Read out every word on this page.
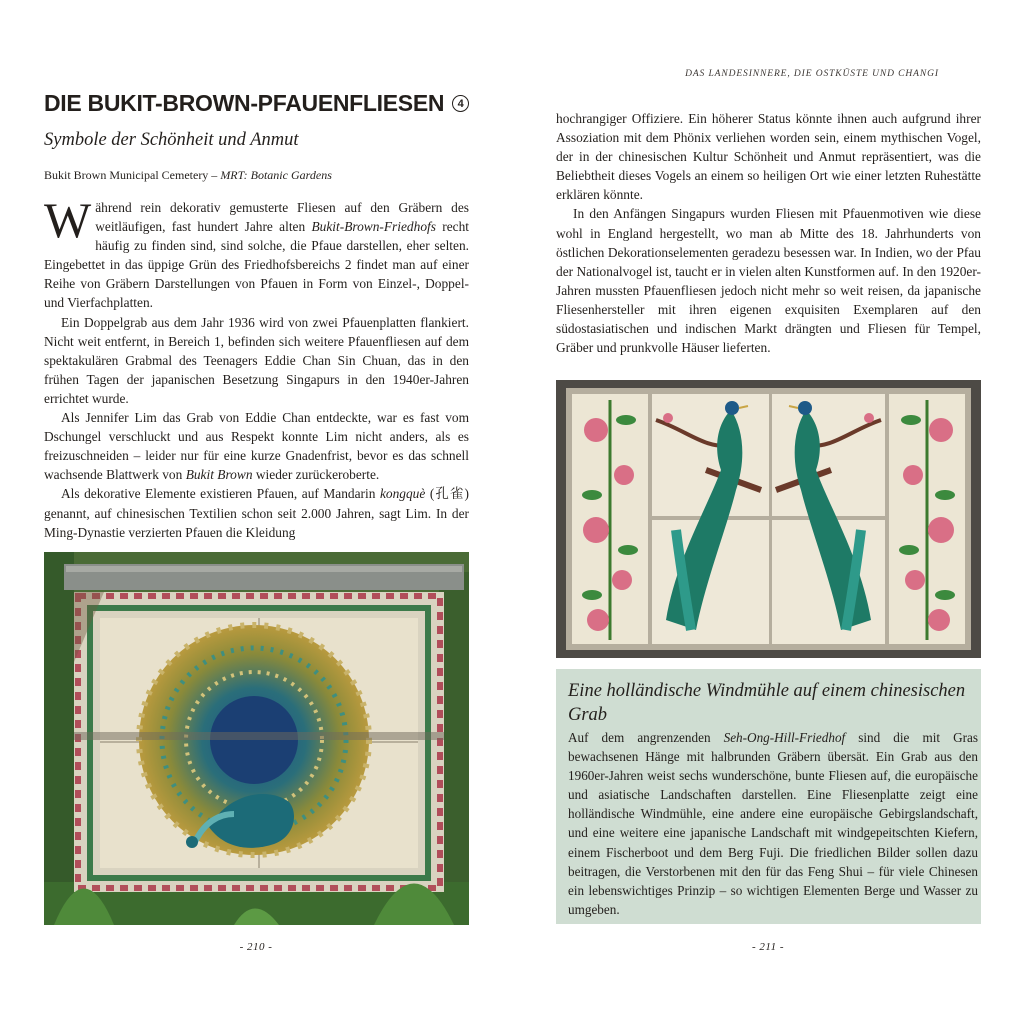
DIE BUKIT-BROWN-PFAUENFLIESEN 4
Symbole der Schönheit und Anmut
Bukit Brown Municipal Cemetery – MRT: Botanic Gardens

Während rein dekorativ gemusterte Fliesen auf den Gräbern des weitläufigen, fast hundert Jahre alten Bukit-Brown-Friedhofs recht häufig zu finden sind, sind solche, die Pfaue darstellen, eher selten. Eingebettet in das üppige Grün des Friedhofsbereichs 2 findet man auf einer Reihe von Gräbern Darstellungen von Pfauen in Form von Einzel-, Doppel- und Vierfachplatten.

Ein Doppelgrab aus dem Jahr 1936 wird von zwei Pfauenplatten flankiert. Nicht weit entfernt, in Bereich 1, befinden sich weitere Pfauenfliesen auf dem spektakulären Grabmal des Teenagers Eddie Chan Sin Chuan, das in den frühen Tagen der japanischen Besetzung Singapurs in den 1940er-Jahren errichtet wurde.

Als Jennifer Lim das Grab von Eddie Chan entdeckte, war es fast vom Dschungel verschluckt und aus Respekt konnte Lim nicht anders, als es freizuschneiden – leider nur für eine kurze Gnadenfrist, bevor es das schnell wachsende Blattwerk von Bukit Brown wieder zurückeroberte.

Als dekorative Elemente existieren Pfauen, auf Mandarin kongquè (孔雀) genannt, auf chinesischen Textilien schon seit 2.000 Jahren, sagt Lim. In der Ming-Dynastie verzierten Pfauen die Kleidung

- 210 -
DAS LANDESINNERE, DIE OSTKÜSTE UND CHANGI

hochrangiger Offiziere. Ein höherer Status könnte ihnen auch aufgrund ihrer Assoziation mit dem Phönix verliehen worden sein, einem mythischen Vogel, der in der chinesischen Kultur Schönheit und Anmut repräsentiert, was die Beliebtheit dieses Vogels an einem so heiligen Ort wie einer letzten Ruhestätte erklären könnte.

In den Anfängen Singapurs wurden Fliesen mit Pfauenmotiven wie diese wohl in England hergestellt, wo man ab Mitte des 18. Jahrhunderts von östlichen Dekorationselementen geradezu besessen war. In Indien, wo der Pfau der Nationalvogel ist, taucht er in vielen alten Kunstformen auf. In den 1920er-Jahren mussten Pfauenfliesen jedoch nicht mehr so weit reisen, da japanische Fliesenhersteller mit ihren eigenen exquisiten Exemplaren auf den südostasiatischen und indischen Markt drängten und Fliesen für Tempel, Gräber und prunkvolle Häuser lieferten.

Eine holländische Windmühle auf einem chinesischen Grab
Auf dem angrenzenden Seh-Ong-Hill-Friedhof sind die mit Gras bewachsenen Hänge mit halbrunden Gräbern übersät. Ein Grab aus den 1960er-Jahren weist sechs wunderschöne, bunte Fliesen auf, die europäische und asiatische Landschaften darstellen. Eine Fliesenplatte zeigt eine holländische Windmühle, eine andere eine europäische Gebirgslandschaft, und eine weitere eine japanische Landschaft mit windgepeitschten Kiefern, einem Fischerboot und dem Berg Fuji. Die friedlichen Bilder sollen dazu beitragen, die Verstorbenen mit den für das Feng Shui – für viele Chinesen ein lebenswichtiges Prinzip – so wichtigen Elementen Berge und Wasser zu umgeben.
- 211 -
